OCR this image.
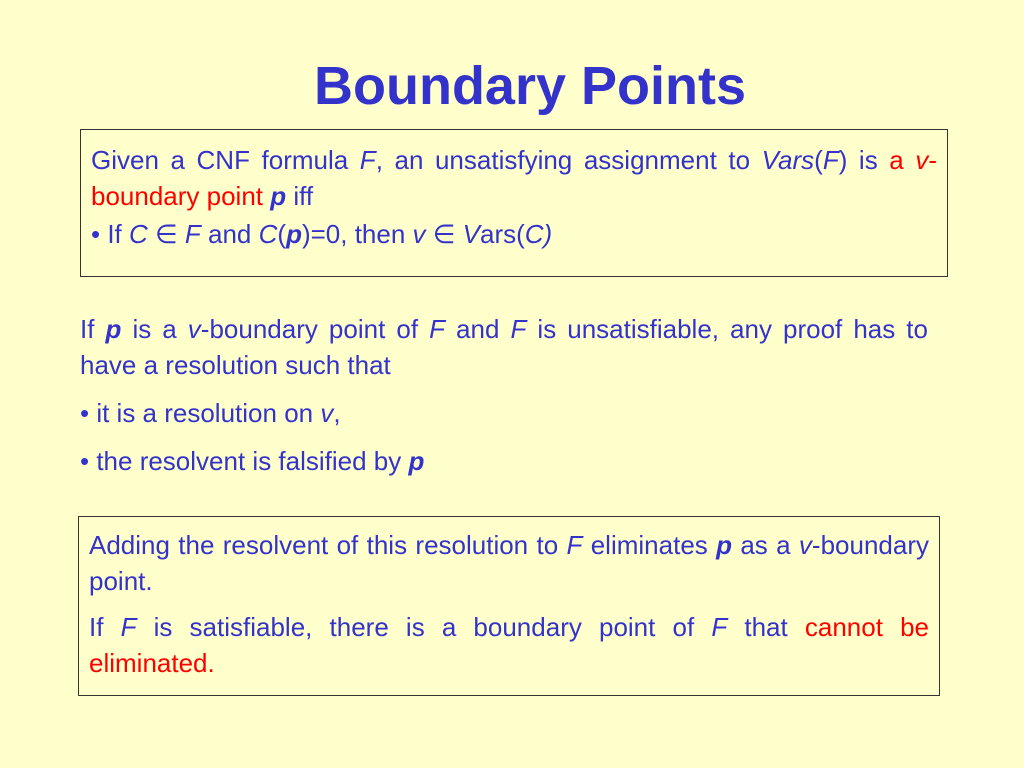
Boundary Points

Given a CNF formula F, an unsatisfying assignment to Vars(F) is a v-boundary point p iff

• If C ∈ F and C(p)=0, then v ∈ Vars(C)

If p is a v-boundary point of F and F is unsatisfiable, any proof has to have a resolution such that

• it is a resolution on v,

• the resolvent is falsified by p

Adding the resolvent of this resolution to F eliminates p as a v-boundary point.

If F is satisfiable, there is a boundary point of F that cannot be eliminated.
